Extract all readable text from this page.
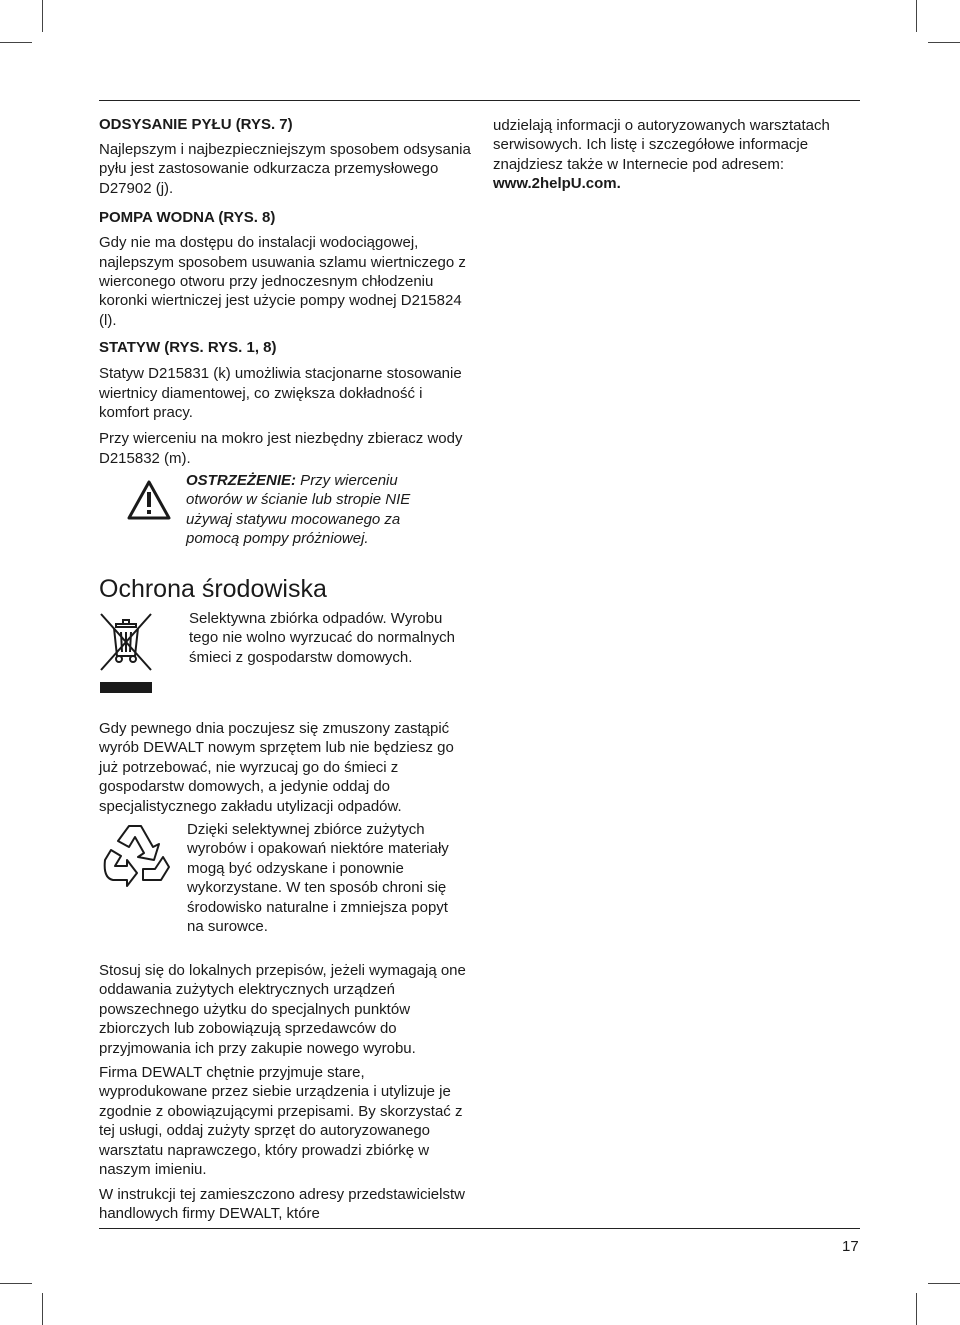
ODSYSANIE PYŁU (RYS. 7)

Najlepszym i najbezpieczniejszym sposobem odsysania pyłu jest zastosowanie odkurzacza przemysłowego D27902 (j).

POMPA WODNA (RYS. 8)

Gdy nie ma dostępu do instalacji wodociągowej, najlepszym sposobem usuwania szlamu wiertniczego z wierconego otworu przy jednoczesnym chłodzeniu koronki wiertniczej jest użycie pompy wodnej D215824 (l).

STATYW (RYS. RYS. 1, 8)

Statyw D215831 (k) umożliwia stacjonarne stosowanie wiertnicy diamentowej, co zwiększa dokładność i komfort pracy.

Przy wierceniu na mokro jest niezbędny zbieracz wody D215832 (m).

OSTRZEŻENIE: Przy wierceniu otworów w ścianie lub stropie NIE używaj statywu mocowanego za pomocą pompy próżniowej.
udzielają informacji o autoryzowanych warsztatach serwisowych. Ich listę i szczegółowe informacje znajdziesz także w Internecie pod adresem: www.2helpU.com.
Ochrona środowiska
Selektywna zbiórka odpadów. Wyrobu tego nie wolno wyrzucać do normalnych śmieci z gospodarstw domowych.
Gdy pewnego dnia poczujesz się zmuszony zastąpić wyrób DEWALT nowym sprzętem lub nie będziesz go już potrzebować, nie wyrzucaj go do śmieci z gospodarstw domowych, a jedynie oddaj do specjalistycznego zakładu utylizacji odpadów.
Dzięki selektywnej zbiórce zużytych wyrobów i opakowań niektóre materiały mogą być odzyskane i ponownie wykorzystane. W ten sposób chroni się środowisko naturalne i zmniejsza popyt na surowce.
Stosuj się do lokalnych przepisów, jeżeli wymagają one oddawania zużytych elektrycznych urządzeń powszechnego użytku do specjalnych punktów zbiorczych lub zobowiązują sprzedawców do przyjmowania ich przy zakupie nowego wyrobu.
Firma DEWALT chętnie przyjmuje stare, wyprodukowane przez siebie urządzenia i utylizuje je zgodnie z obowiązującymi przepisami. By skorzystać z tej usługi, oddaj zużyty sprzęt do autoryzowanego warsztatu naprawczego, który prowadzi zbiórkę w naszym imieniu.
W instrukcji tej zamieszczono adresy przedstawicielstw handlowych firmy DEWALT, które
17
